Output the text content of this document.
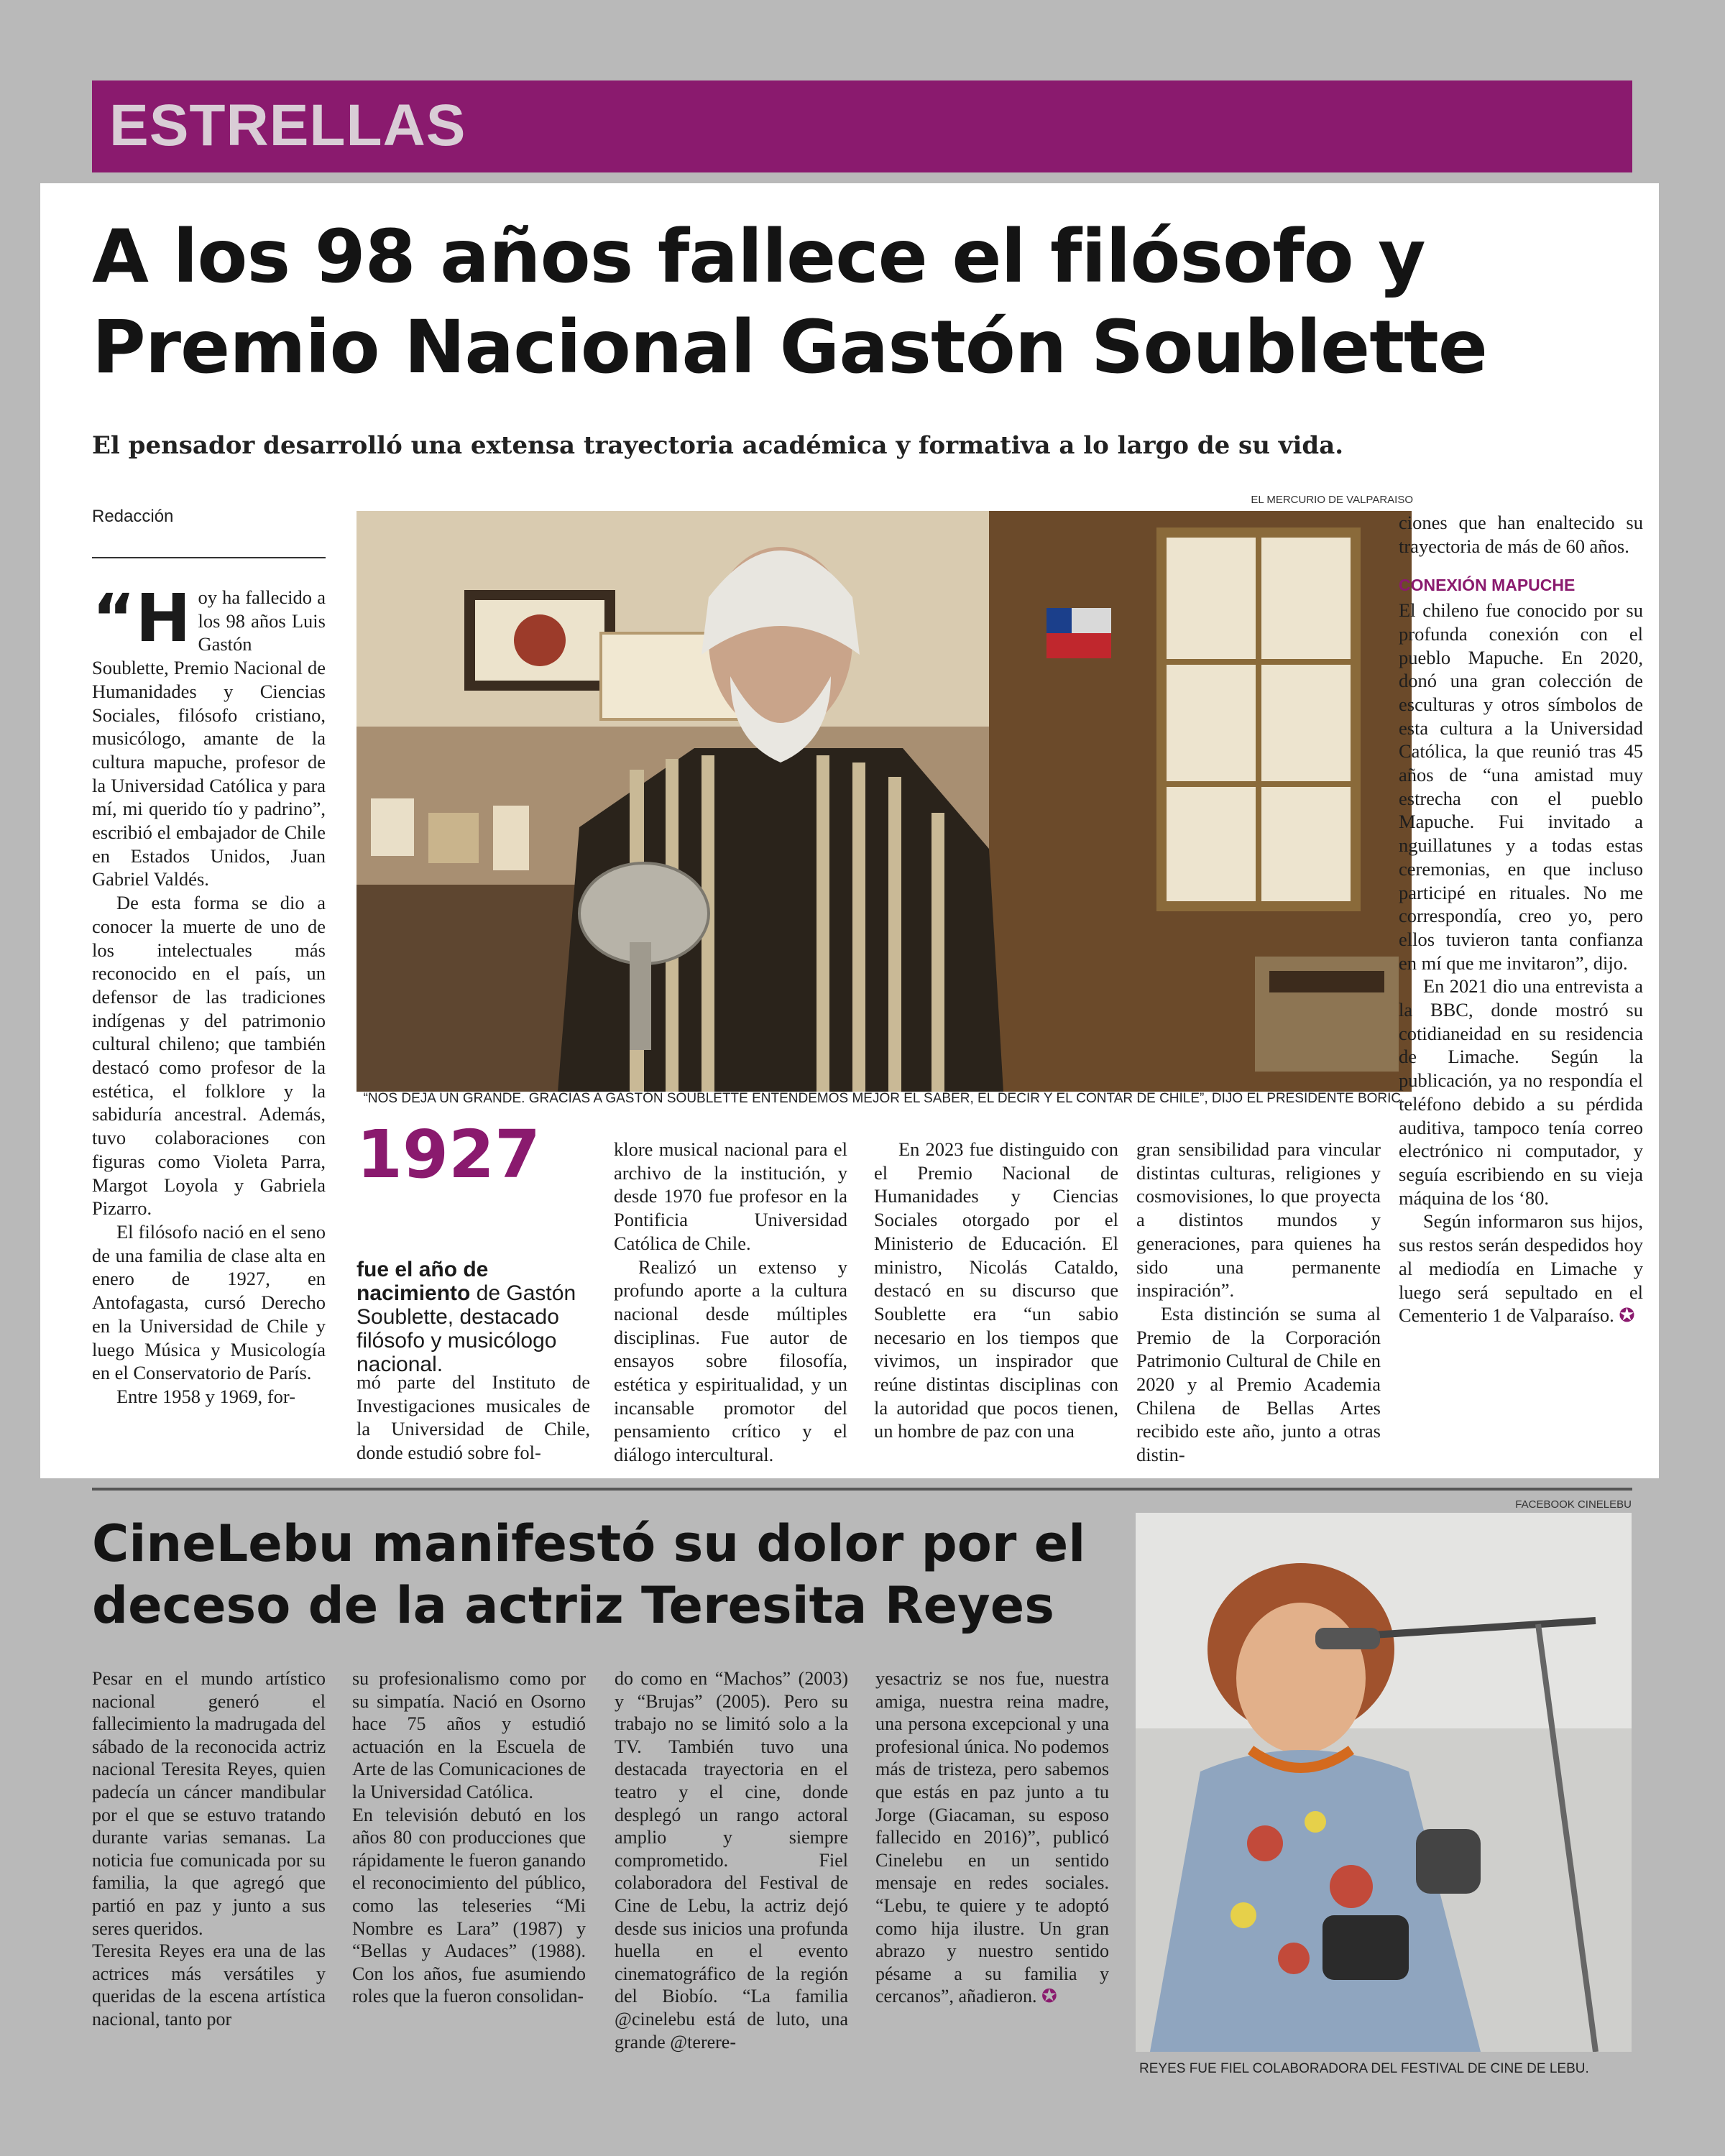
ESTRELLAS
A los 98 años fallece el filósofo y Premio Nacional Gastón Soublette
El pensador desarrolló una extensa trayectoria académica y formativa a lo largo de su vida.
Redacción
EL MERCURIO DE VALPARAISO
“NOS DEJA UN GRANDE. GRACIAS A GASTÓN SOUBLETTE ENTENDEMOS MEJOR EL SABER, EL DECIR Y EL CONTAR DE CHILE”, DIJO EL PRESIDENTE BORIC.

“Hoy ha fallecido a los 98 años Luis Gastón Soublette, Premio Nacional de Humanidades y Ciencias Sociales, filósofo cristiano, musicólogo, amante de la cultura mapuche, profesor de la Universidad Católica y para mí, mi querido tío y padrino”, escribió el embajador de Chile en Estados Unidos, Juan Gabriel Valdés.

De esta forma se dio a conocer la muerte de uno de los intelectuales más reconocido en el país, un defensor de las tradiciones indígenas y del patrimonio cultural chileno; que también destacó como profesor de la estética, el folklore y la sabiduría ancestral. Además, tuvo colaboraciones con figuras como Violeta Parra, Margot Loyola y Gabriela Pizarro.

El filósofo nació en el seno de una familia de clase alta en enero de 1927, en Antofagasta, cursó Derecho en la Universidad de Chile y luego Música y Musicología en el Conservatorio de París.

Entre 1958 y 1969, for-

1927
fue el año de nacimiento de Gastón Soublette, destacado filósofo y musicólogo nacional.

mó parte del Instituto de Investigaciones musicales de la Universidad de Chile, donde estudió sobre fol-

klore musical nacional para el archivo de la institución, y desde 1970 fue profesor en la Pontificia Universidad Católica de Chile.

Realizó un extenso y profundo aporte a la cultura nacional desde múltiples disciplinas. Fue autor de ensayos sobre filosofía, estética y espiritualidad, y un incansable promotor del pensamiento crítico y el diálogo intercultural.

En 2023 fue distinguido con el Premio Nacional de Humanidades y Ciencias Sociales otorgado por el Ministerio de Educación. El ministro, Nicolás Cataldo, destacó en su discurso que Soublette era “un sabio necesario en los tiempos que vivimos, un inspirador que reúne distintas disciplinas con la autoridad que pocos tienen, un hombre de paz con una

gran sensibilidad para vincular distintas culturas, religiones y cosmovisiones, lo que proyecta a distintos mundos y generaciones, para quienes ha sido una permanente inspiración”.

Esta distinción se suma al Premio de la Corporación Patrimonio Cultural de Chile en 2020 y al Premio Academia Chilena de Bellas Artes recibido este año, junto a otras distin-

ciones que han enaltecido su trayectoria de más de 60 años.

CONEXIÓN MAPUCHE

El chileno fue conocido por su profunda conexión con el pueblo Mapuche. En 2020, donó una gran colección de esculturas y otros símbolos de esta cultura a la Universidad Católica, la que reunió tras 45 años de “una amistad muy estrecha con el pueblo Mapuche. Fui invitado a nguillatunes y a todas estas ceremonias, en que incluso participé en rituales. No me correspondía, creo yo, pero ellos tuvieron tanta confianza en mí que me invitaron”, dijo.

En 2021 dio una entrevista a la BBC, donde mostró su cotidianeidad en su residencia de Limache. Según la publicación, ya no respondía el teléfono debido a su pérdida auditiva, tampoco tenía correo electrónico ni computador, y seguía escribiendo en su vieja máquina de los ‘80.

Según informaron sus hijos, sus restos serán despedidos hoy al mediodía en Limache y luego será sepultado en el Cementerio 1 de Valparaíso. ✪

CineLebu manifestó su dolor por el deceso de la actriz Teresita Reyes

Pesar en el mundo artístico nacional generó el fallecimiento la madrugada del sábado de la reconocida actriz nacional Teresita Reyes, quien padecía un cáncer mandibular por el que se estuvo tratando durante varias semanas. La noticia fue comunicada por su familia, la que agregó que partió en paz y junto a sus seres queridos.

Teresita Reyes era una de las actrices más versátiles y queridas de la escena artística nacional, tanto por

su profesionalismo como por su simpatía. Nació en Osorno hace 75 años y estudió actuación en la Escuela de Arte de las Comunicaciones de la Universidad Católica.

En televisión debutó en los años 80 con producciones que rápidamente le fueron ganando el reconocimiento del público, como las teleseries “Mi Nombre es Lara” (1987) y “Bellas y Audaces” (1988). Con los años, fue asumiendo roles que la fueron consolidan-

do como en “Machos” (2003) y “Brujas” (2005). Pero su trabajo no se limitó solo a la TV. También tuvo una destacada trayectoria en el teatro y el cine, donde desplegó un rango actoral amplio y siempre comprometido. Fiel colaboradora del Festival de Cine de Lebu, la actriz dejó desde sus inicios una profunda huella en el evento cinematográfico de la región del Biobío. “La familia @cinelebu está de luto, una grande @terere-

yesactriz se nos fue, nuestra amiga, nuestra reina madre, una persona excepcional y una profesional única. No podemos más de tristeza, pero sabemos que estás en paz junto a tu Jorge (Giacaman, su esposo fallecido en 2016)”, publicó Cinelebu en un sentido mensaje en redes sociales. “Lebu, te quiere y te adoptó como hija ilustre. Un gran abrazo y nuestro sentido pésame a su familia y cercanos”, añadieron. ✪

FACEBOOK CINELEBU
REYES FUE FIEL COLABORADORA DEL FESTIVAL DE CINE DE LEBU.
